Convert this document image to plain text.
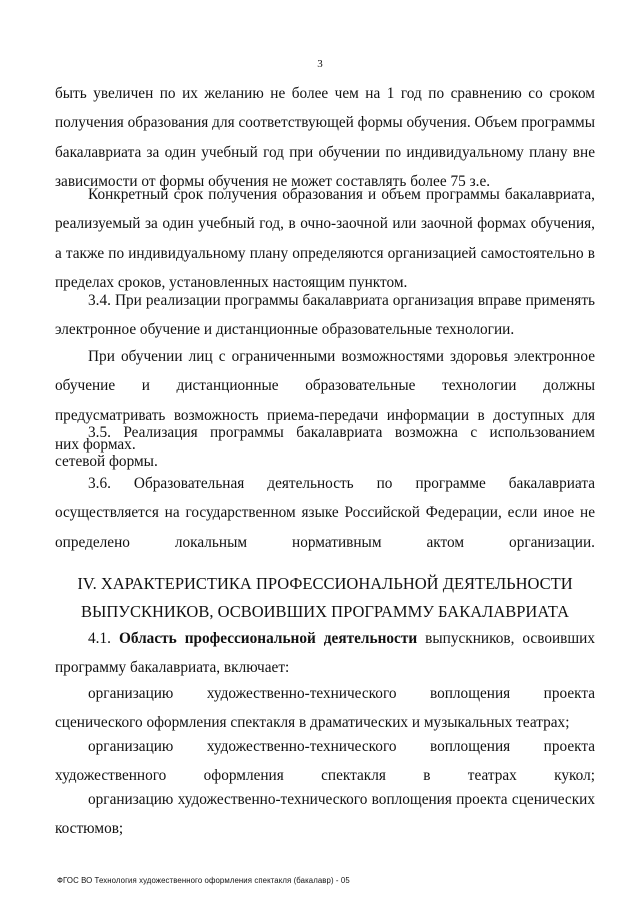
3

быть увеличен по их желанию не более чем на 1 год по сравнению со сроком получения образования для соответствующей формы обучения. Объем программы бакалавриата за один учебный год при обучении по индивидуальному плану вне зависимости от формы обучения не может составлять более 75 з.е.

Конкретный срок получения образования и объем программы бакалавриата, реализуемый за один учебный год, в очно-заочной или заочной формах обучения, а также по индивидуальному плану определяются организацией самостоятельно в пределах сроков, установленных настоящим пунктом.

3.4. При реализации программы бакалавриата организация вправе применять электронное обучение и дистанционные образовательные технологии.

При обучении лиц с ограниченными возможностями здоровья электронное обучение и дистанционные образовательные технологии должны предусматривать возможность приема-передачи информации в доступных для них формах.

3.5. Реализация программы бакалавриата возможна с использованием сетевой формы.

3.6. Образовательная деятельность по программе бакалавриата осуществляется на государственном языке Российской Федерации, если иное не определено локальным нормативным актом организации.

IV. ХАРАКТЕРИСТИКА ПРОФЕССИОНАЛЬНОЙ ДЕЯТЕЛЬНОСТИ

ВЫПУСКНИКОВ, ОСВОИВШИХ ПРОГРАММУ БАКАЛАВРИАТА

4.1. Область профессиональной деятельности выпускников, освоивших программу бакалавриата, включает:

организацию художественно-технического воплощения проекта сценического оформления спектакля в драматических и музыкальных театрах;

организацию художественно-технического воплощения проекта художественного оформления спектакля в театрах кукол;

организацию художественно-технического воплощения проекта сценических костюмов;

ФГОС ВО Технология художественного оформления спектакля (бакалавр) - 05
